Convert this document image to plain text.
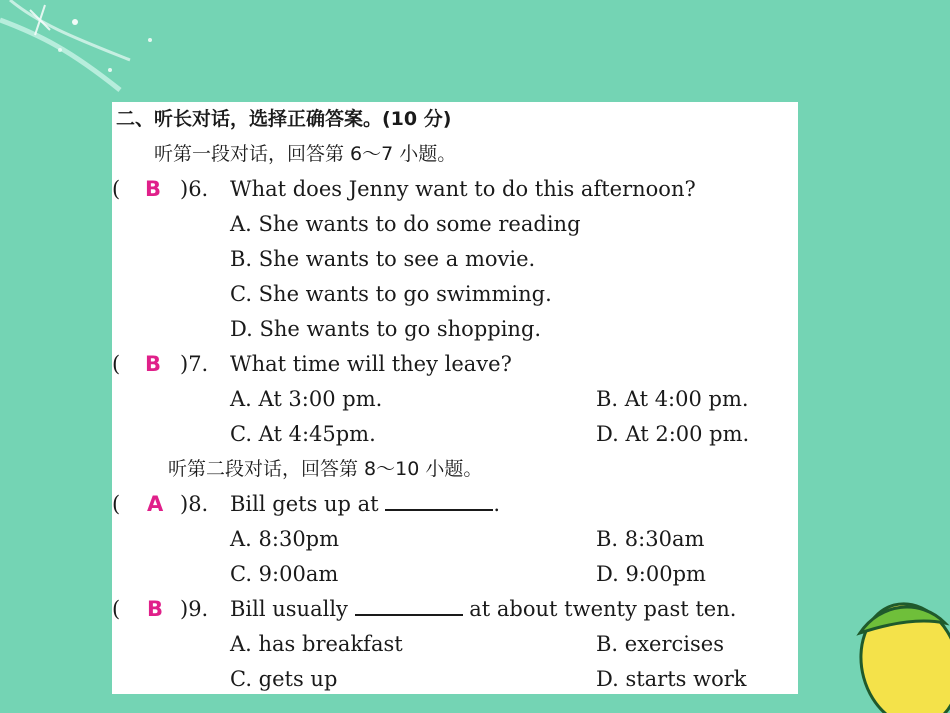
二、听长对话，选择正确答案。(10 分)
听第一段对话，回答第 6～7 小题。
( B )6. What does Jenny want to do this afternoon?
A. She wants to do some reading
B. She wants to see a movie.
C. She wants to go swimming.
D. She wants to go shopping.
( B )7. What time will they leave?
A. At 3:00 pm.	B. At 4:00 pm.
C. At 4:45pm.	D. At 2:00 pm.
听第二段对话，回答第 8～10 小题。
( A )8. Bill gets up at	.
A. 8:30pm	B. 8:30am
C. 9:00am	D. 9:00pm
( B )9. Bill usually	at about twenty past ten.
A. has breakfast	B. exercises
C. gets up	D. starts work
